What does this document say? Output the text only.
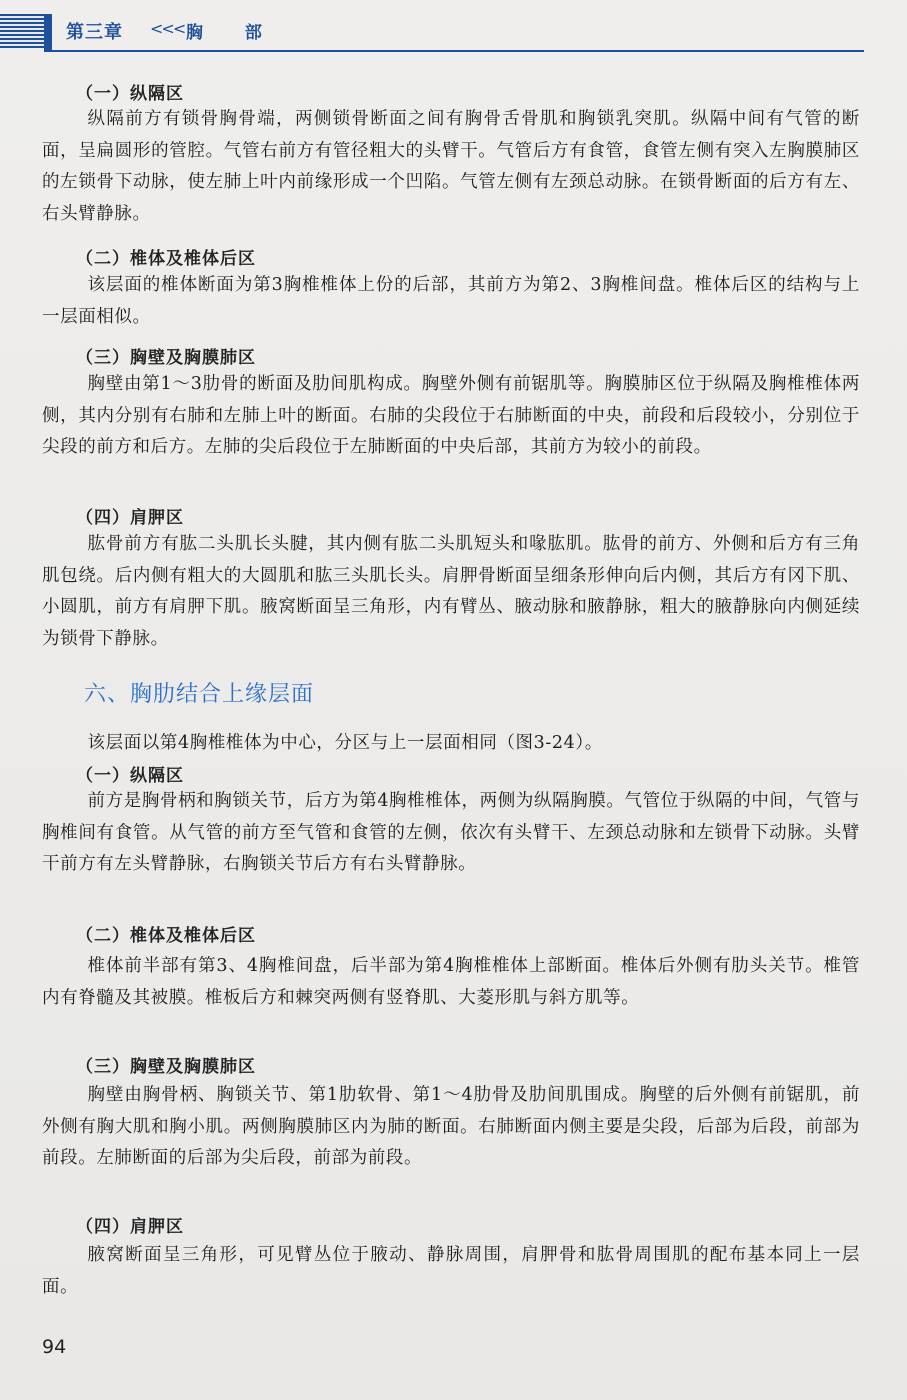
第三章 <<< 胸 部
（一）纵隔区
纵隔前方有锁骨胸骨端，两侧锁骨断面之间有胸骨舌骨肌和胸锁乳突肌。纵隔中间有气管的断面，呈扁圆形的管腔。气管右前方有管径粗大的头臂干。气管后方有食管，食管左侧有突入左胸膜肺区的左锁骨下动脉，使左肺上叶内前缘形成一个凹陷。气管左侧有左颈总动脉。在锁骨断面的后方有左、右头臂静脉。
（二）椎体及椎体后区
该层面的椎体断面为第3胸椎椎体上份的后部，其前方为第2、3胸椎间盘。椎体后区的结构与上一层面相似。
（三）胸壁及胸膜肺区
胸壁由第1～3肋骨的断面及肋间肌构成。胸壁外侧有前锯肌等。胸膜肺区位于纵隔及胸椎椎体两侧，其内分别有右肺和左肺上叶的断面。右肺的尖段位于右肺断面的中央，前段和后段较小，分别位于尖段的前方和后方。左肺的尖后段位于左肺断面的中央后部，其前方为较小的前段。
（四）肩胛区
肱骨前方有肱二头肌长头腱，其内侧有肱二头肌短头和喙肱肌。肱骨的前方、外侧和后方有三角肌包绕。后内侧有粗大的大圆肌和肱三头肌长头。肩胛骨断面呈细条形伸向后内侧，其后方有冈下肌、小圆肌，前方有肩胛下肌。腋窝断面呈三角形，内有臂丛、腋动脉和腋静脉，粗大的腋静脉向内侧延续为锁骨下静脉。
六、胸肋结合上缘层面
该层面以第4胸椎椎体为中心，分区与上一层面相同（图3-24）。
（一）纵隔区
前方是胸骨柄和胸锁关节，后方为第4胸椎椎体，两侧为纵隔胸膜。气管位于纵隔的中间，气管与胸椎间有食管。从气管的前方至气管和食管的左侧，依次有头臂干、左颈总动脉和左锁骨下动脉。头臂干前方有左头臂静脉，右胸锁关节后方有右头臂静脉。
（二）椎体及椎体后区
椎体前半部有第3、4胸椎间盘，后半部为第4胸椎椎体上部断面。椎体后外侧有肋头关节。椎管内有脊髓及其被膜。椎板后方和棘突两侧有竖脊肌、大菱形肌与斜方肌等。
（三）胸壁及胸膜肺区
胸壁由胸骨柄、胸锁关节、第1肋软骨、第1～4肋骨及肋间肌围成。胸壁的后外侧有前锯肌，前外侧有胸大肌和胸小肌。两侧胸膜肺区内为肺的断面。右肺断面内侧主要是尖段，后部为后段，前部为前段。左肺断面的后部为尖后段，前部为前段。
（四）肩胛区
腋窝断面呈三角形，可见臂丛位于腋动、静脉周围，肩胛骨和肱骨周围肌的配布基本同上一层面。
94
